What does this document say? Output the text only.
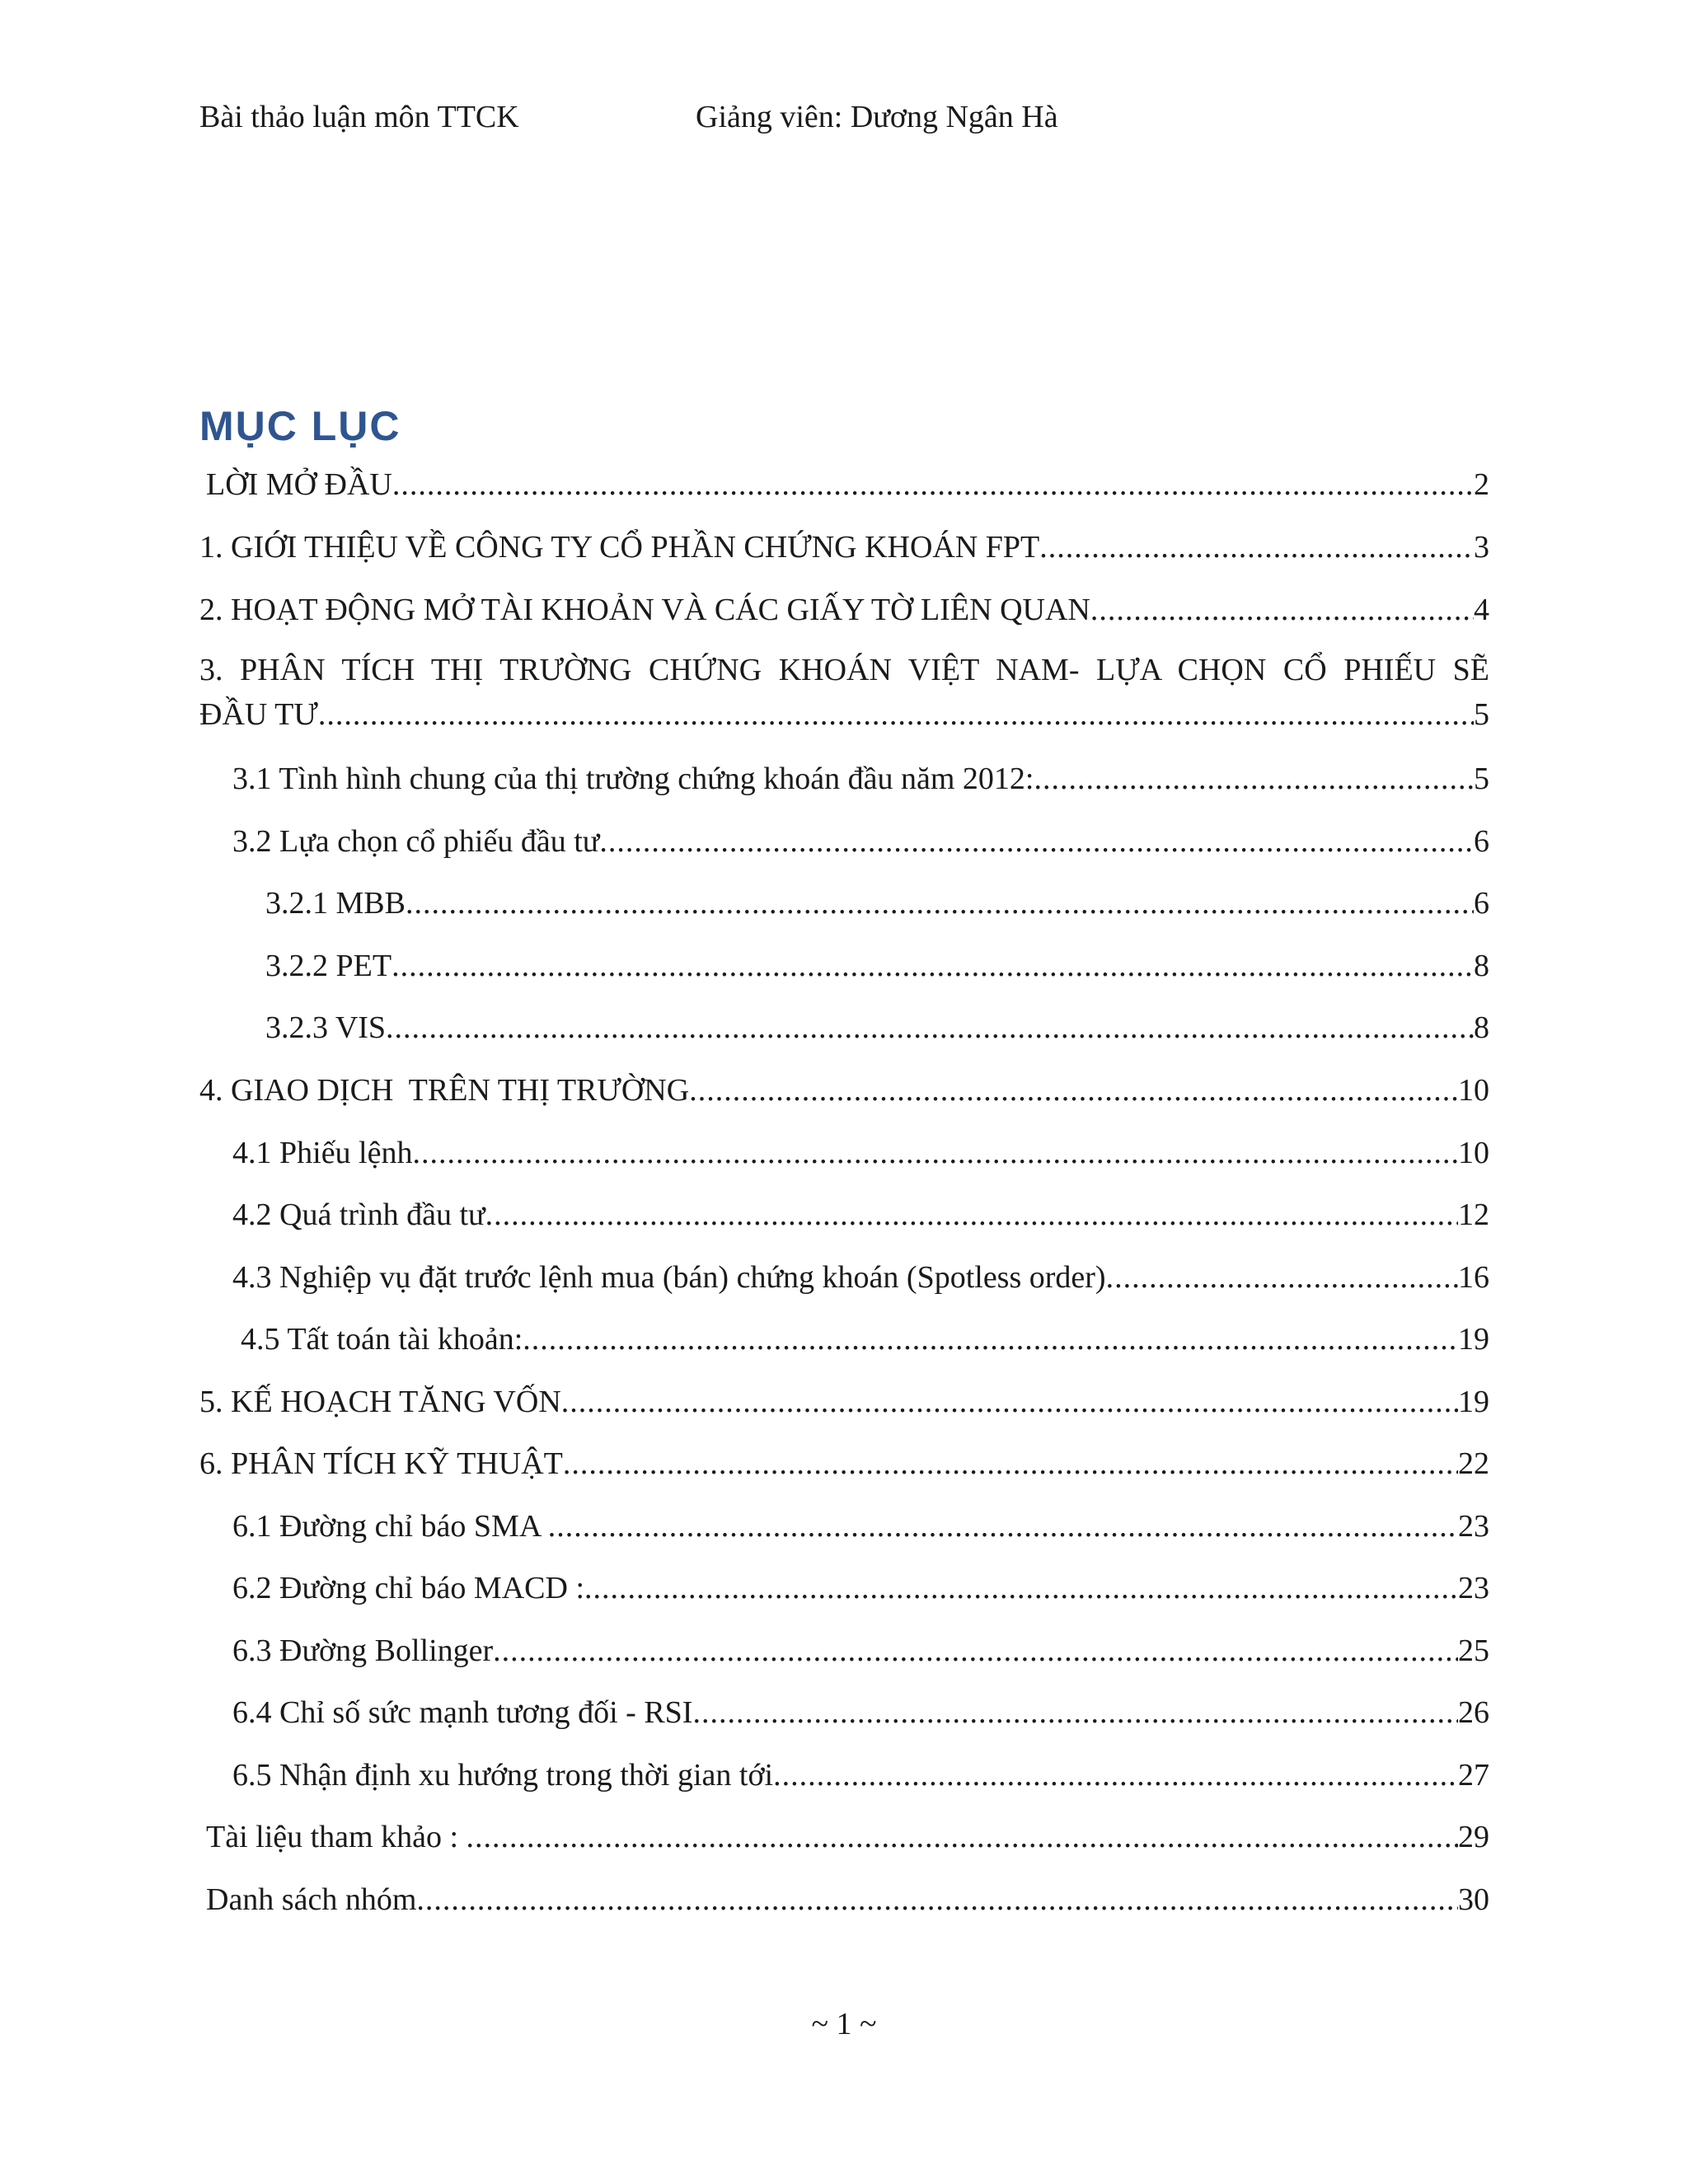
Bài thảo luận môn TTCK	Giảng viên: Dương Ngân Hà
MỤC LỤC
LỜI MỞ ĐẦU .....	2
1. GIỚI THIỆU VỀ CÔNG TY CỔ PHẦN CHỨNG KHOÁN FPT .....	3
2. HOẠT ĐỘNG MỞ TÀI KHOẢN VÀ CÁC GIẤY TỜ LIÊN QUAN .....	4
3. PHÂN TÍCH THỊ TRƯỜNG CHỨNG KHOÁN VIỆT NAM- LỰA CHỌN CỔ PHIẾU SẼ
ĐẦU TƯ .....	5
3.1 Tình hình chung của thị trường chứng khoán đầu năm 2012: .....	5
3.2 Lựa chọn cổ phiếu đầu tư .....	6
3.2.1 MBB .....	6
3.2.2 PET .....	8
3.2.3 VIS .....	8
4. GIAO DỊCH  TRÊN THỊ TRƯỜNG .....	10
4.1 Phiếu lệnh .....	10
4.2 Quá trình đầu tư .....	12
4.3 Nghiệp vụ đặt trước lệnh mua (bán) chứng khoán (Spotless order) .....	16
4.5 Tất toán tài khoản: .....	19
5. KẾ HOẠCH TĂNG VỐN .....	19
6. PHÂN TÍCH KỸ THUẬT .....	22
6.1 Đường chỉ báo SMA .....	23
6.2 Đường chỉ báo MACD : .....	23
6.3 Đường Bollinger .....	25
6.4 Chỉ số sức mạnh tương đối - RSI .....	26
6.5 Nhận định xu hướng trong thời gian tới .....	27
Tài liệu tham khảo : .....	29
Danh sách nhóm .....	30
~ 1 ~
